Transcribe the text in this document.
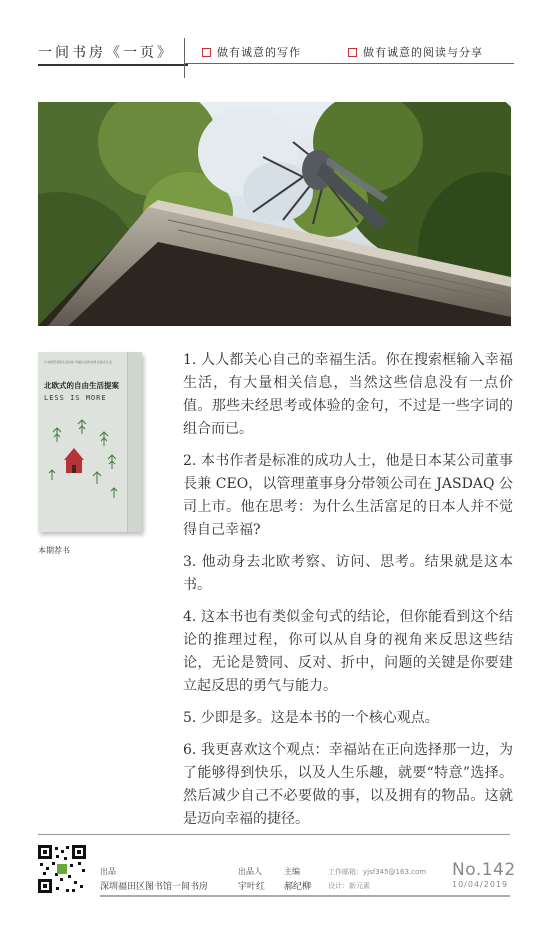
一间书房《一页》	做有诚意的写作	做有诚意的阅读与分享
日本经营者的生活实验 幸福生活的关键 北欧式生活
北欧式的自由生活提案
LESS IS MORE
本期荐书

1. 人人都关心自己的幸福生活。你在搜索框输入幸福生活，有大量相关信息，当然这些信息没有一点价值。那些未经思考或体验的金句，不过是一些字词的组合而已。

2. 本书作者是标准的成功人士，他是日本某公司董事長兼 CEO，以管理董事身分帯领公司在 JASDAQ 公司上市。他在思考：为什么生活富足的日本人并不觉得自己幸福?

3. 他动身去北欧考察、访问、思考。结果就是这本书。

4. 这本书也有类似金句式的结论，但你能看到这个结论的推理过程，你可以从自身的视角来反思这些结论，无论是赞同、反对、折中，问题的关键是你要建立起反思的勇气与能力。

5. 少即是多。这是本书的一个核心观点。

6. 我更喜欢这个观点：幸福站在正向选择那一边，为了能够得到快乐，以及人生乐趣，就要“特意”选择。然后减少自己不必要做的事，以及拥有的物品。这就是迈向幸福的捷径。

出品
深圳福田区图书馆一间书房
出品人
宇叶红
主编
郝纪柳
工作邮箱：yjsf345@163.com
设计：新元素
No.142
10/04/2019
